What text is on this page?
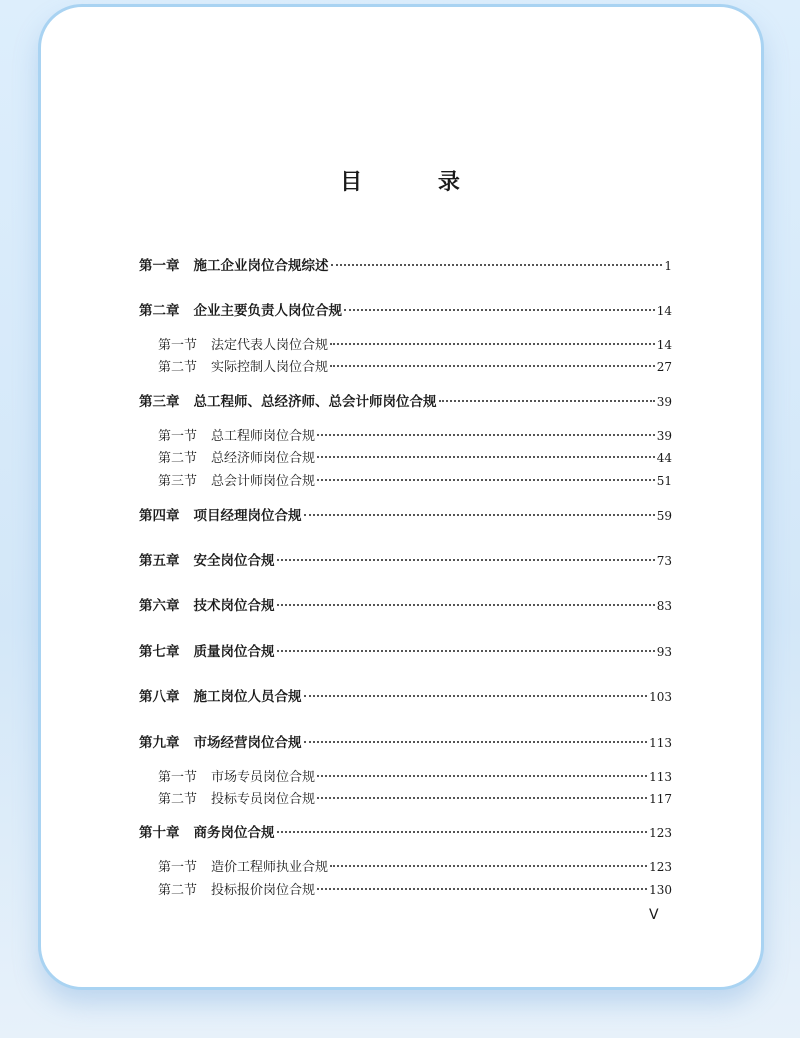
目 录
第一章 施工企业岗位合规综述	1
第二章 企业主要负责人岗位合规	14
第一节 法定代表人岗位合规	14
第二节 实际控制人岗位合规	27
第三章 总工程师、总经济师、总会计师岗位合规	39
第一节 总工程师岗位合规	39
第二节 总经济师岗位合规	44
第三节 总会计师岗位合规	51
第四章 项目经理岗位合规	59
第五章 安全岗位合规	73
第六章 技术岗位合规	83
第七章 质量岗位合规	93
第八章 施工岗位人员合规	103
第九章 市场经营岗位合规	113
第一节 市场专员岗位合规	113
第二节 投标专员岗位合规	117
第十章 商务岗位合规	123
第一节 造价工程师执业合规	123
第二节 投标报价岗位合规	130
V
